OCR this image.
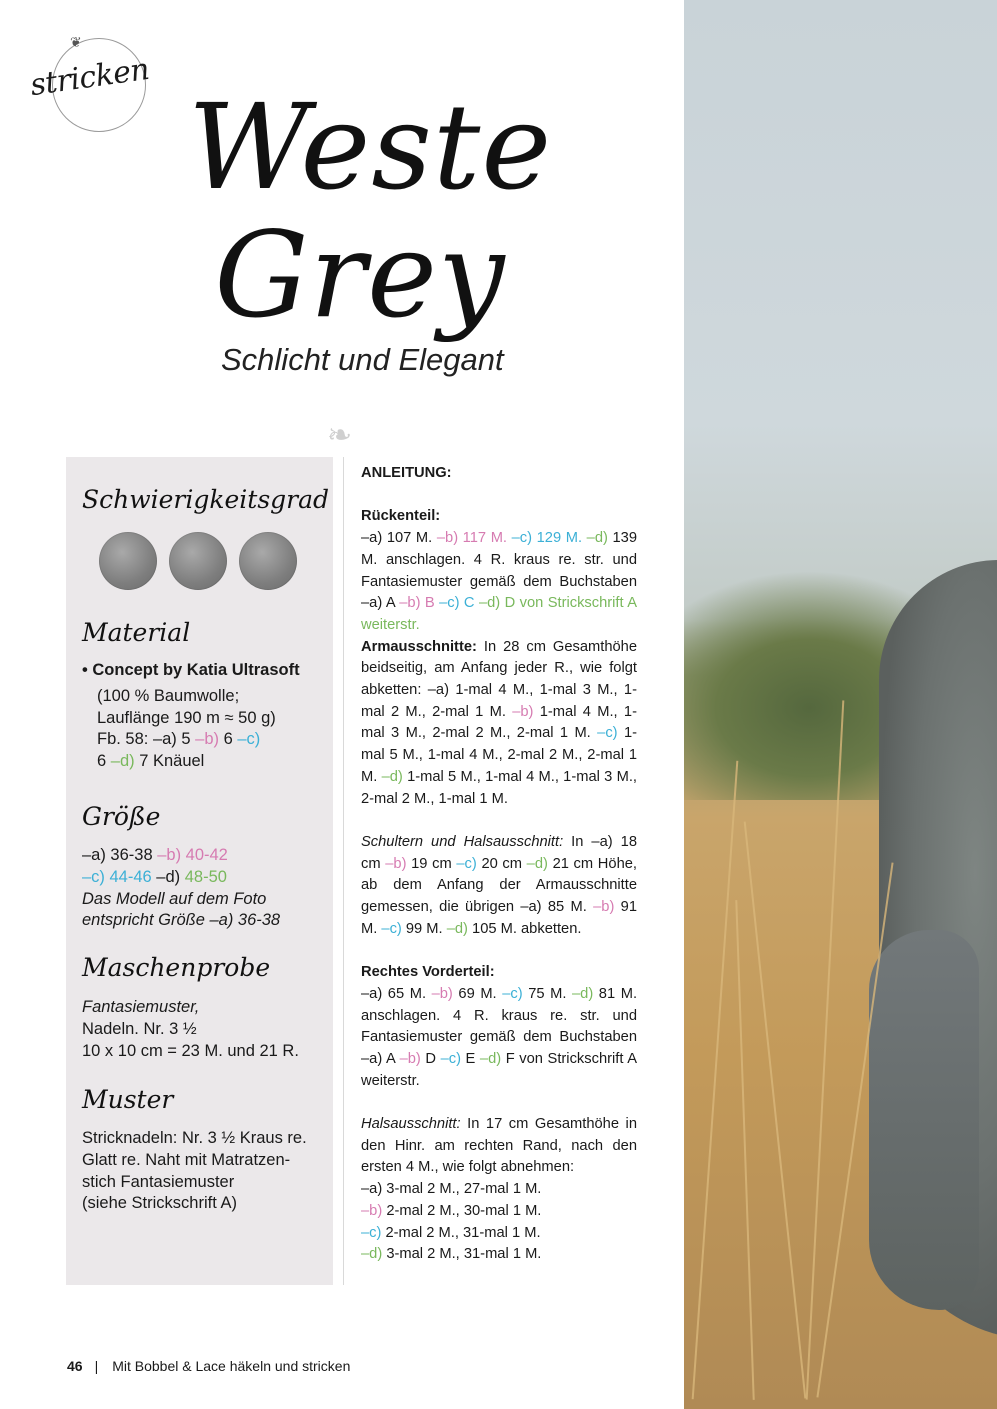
❦
stricken
Weste
Grey
Schlicht und Elegant
❧
Schwierigkeitsgrad
Material
• Concept by Katia Ultrasoft
(100 % Baumwolle;
Lauflänge 190 m ≈ 50 g)
Fb. 58: –a) 5 –b) 6 –c)
6 –d) 7 Knäuel
Größe
–a) 36-38 –b) 40-42
–c) 44-46 –d) 48-50
Das Modell auf dem Foto
entspricht Größe –a) 36-38
Maschenprobe
Fantasiemuster,
Nadeln. Nr. 3 ½
10 x 10 cm = 23 M. und 21 R.
Muster
Stricknadeln: Nr. 3 ½ Kraus re.
Glatt re. Naht mit Matratzen-
stich Fantasiemuster
(siehe Strickschrift A)

ANLEITUNG:

Rückenteil:

–a) 107 M. –b) 117 M. –c) 129 M. –d) 139 M. anschlagen. 4 R. kraus re. str. und Fantasiemuster gemäß dem Buchstaben –a) A –b) B –c) C –d) D von Strickschrift A weiterstr.

Armausschnitte: In 28 cm Gesamthöhe beidseitig, am Anfang jeder R., wie folgt abketten: –a) 1-mal 4 M., 1-mal 3 M., 1-mal 2 M., 2-mal 1 M. –b) 1-mal 4 M., 1-mal 3 M., 2-mal 2 M., 2-mal 1 M. –c) 1-mal 5 M., 1-mal 4 M., 2-mal 2 M., 2-mal 1 M. –d) 1-mal 5 M., 1-mal 4 M., 1-mal 3 M., 2-mal 2 M., 1-mal 1 M.

Schultern und Halsausschnitt: In –a) 18 cm –b) 19 cm –c) 20 cm –d) 21 cm Höhe, ab dem Anfang der Armausschnitte gemessen, die übrigen –a) 85 M. –b) 91 M. –c) 99 M. –d) 105 M. abketten.

Rechtes Vorderteil:

–a) 65 M. –b) 69 M. –c) 75 M. –d) 81 M. anschlagen. 4 R. kraus re. str. und Fantasiemuster gemäß dem Buchstaben –a) A –b) D –c) E –d) F von Strickschrift A weiterstr.

Halsausschnitt: In 17 cm Gesamthöhe in den Hinr. am rechten Rand, nach den ersten 4 M., wie folgt abnehmen:

–a) 3-mal 2 M., 27-mal 1 M.

–b) 2-mal 2 M., 30-mal 1 M.

–c) 2-mal 2 M., 31-mal 1 M.

–d) 3-mal 2 M., 31-mal 1 M.

46 | Mit Bobbel & Lace häkeln und stricken
